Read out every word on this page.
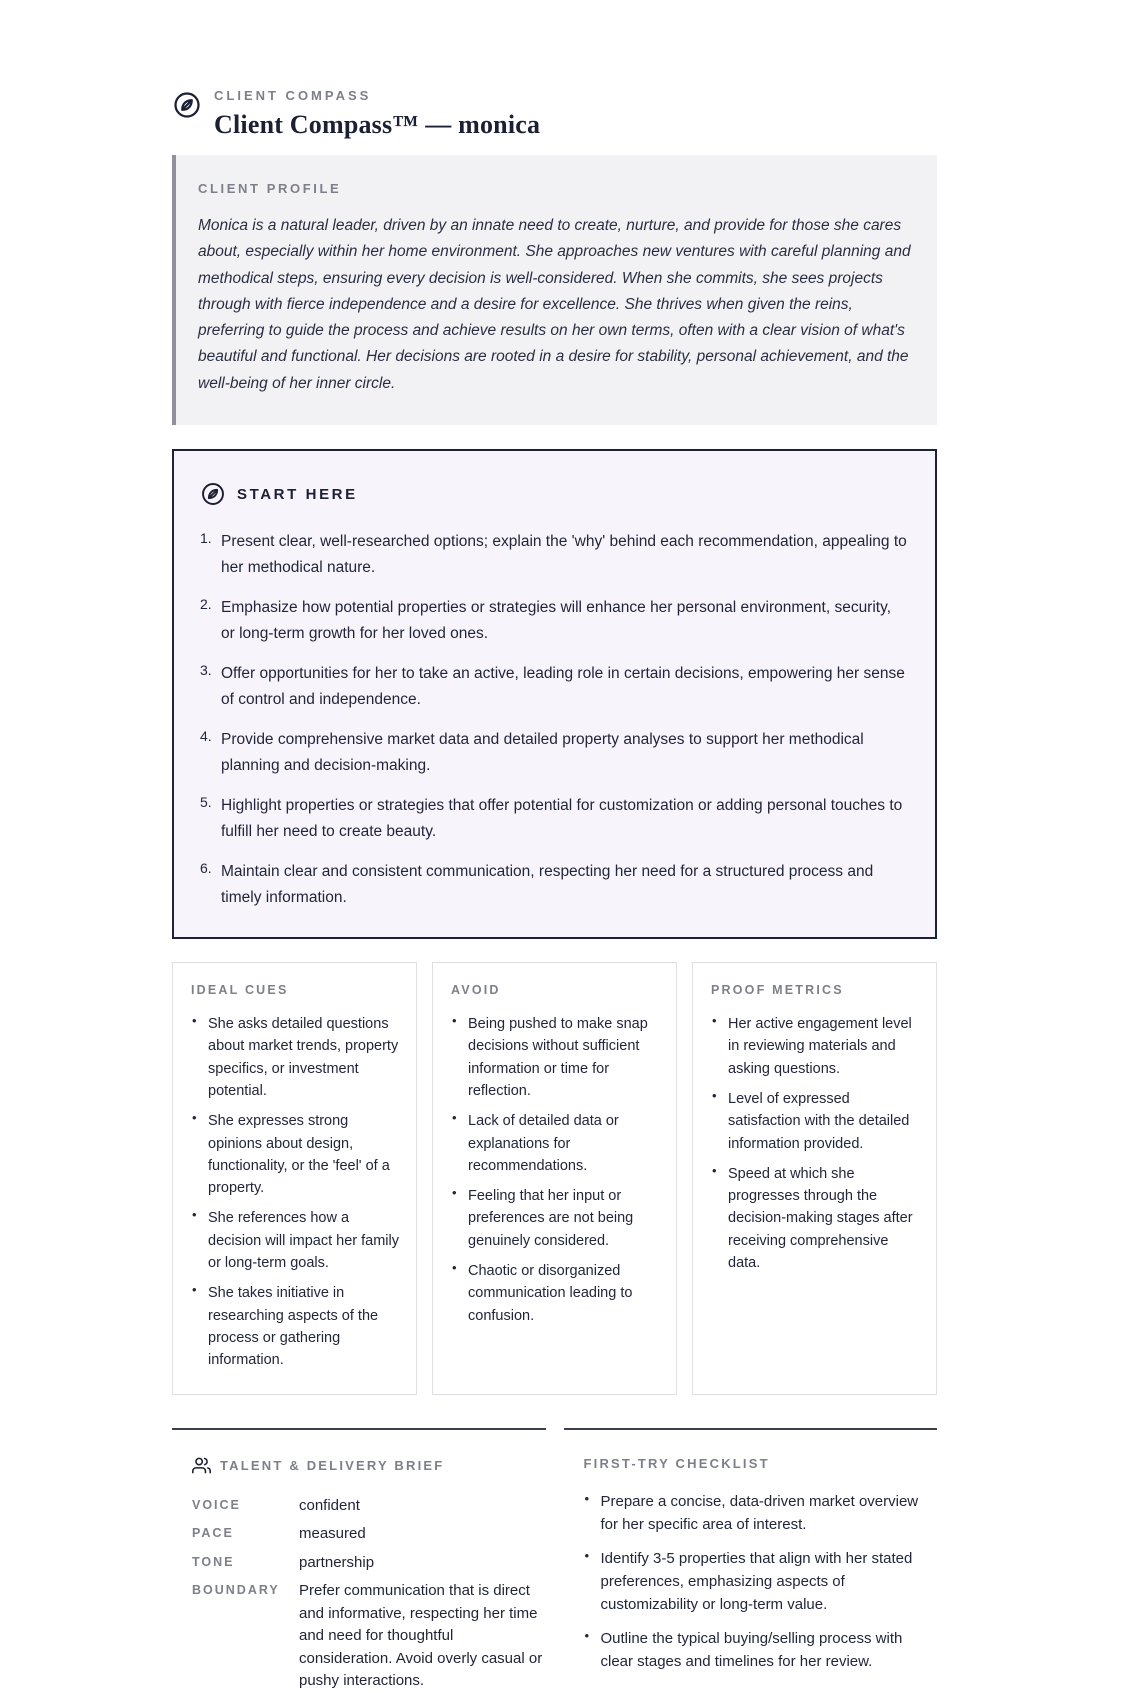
CLIENT COMPASS
Client Compass™ — monica
CLIENT PROFILE

Monica is a natural leader, driven by an innate need to create, nurture, and provide for those she cares about, especially within her home environment. She approaches new ventures with careful planning and methodical steps, ensuring every decision is well-considered. When she commits, she sees projects through with fierce independence and a desire for excellence. She thrives when given the reins, preferring to guide the process and achieve results on her own terms, often with a clear vision of what's beautiful and functional. Her decisions are rooted in a desire for stability, personal achievement, and the well-being of her inner circle.

START HERE
Present clear, well-researched options; explain the 'why' behind each recommendation, appealing to her methodical nature.
Emphasize how potential properties or strategies will enhance her personal environment, security, or long-term growth for her loved ones.
Offer opportunities for her to take an active, leading role in certain decisions, empowering her sense of control and independence.
Provide comprehensive market data and detailed property analyses to support her methodical planning and decision-making.
Highlight properties or strategies that offer potential for customization or adding personal touches to fulfill her need to create beauty.
Maintain clear and consistent communication, respecting her need for a structured process and timely information.
IDEAL CUES
• She asks detailed questions about market trends, property specifics, or investment potential.
• She expresses strong opinions about design, functionality, or the 'feel' of a property.
• She references how a decision will impact her family or long-term goals.
• She takes initiative in researching aspects of the process or gathering information.
AVOID
• Being pushed to make snap decisions without sufficient information or time for reflection.
• Lack of detailed data or explanations for recommendations.
• Feeling that her input or preferences are not being genuinely considered.
• Chaotic or disorganized communication leading to confusion.
PROOF METRICS
• Her active engagement level in reviewing materials and asking questions.
• Level of expressed satisfaction with the detailed information provided.
• Speed at which she progresses through the decision-making stages after receiving comprehensive data.
TALENT & DELIVERY BRIEF
VOICE	confident
PACE	measured
TONE	partnership
BOUNDARY	Prefer communication that is direct and informative, respecting her time and need for thoughtful consideration. Avoid overly casual or pushy interactions.
FIRST-TRY CHECKLIST
• Prepare a concise, data-driven market overview for her specific area of interest.
• Identify 3-5 properties that align with her stated preferences, emphasizing aspects of customizability or long-term value.
• Outline the typical buying/selling process with clear stages and timelines for her review.
